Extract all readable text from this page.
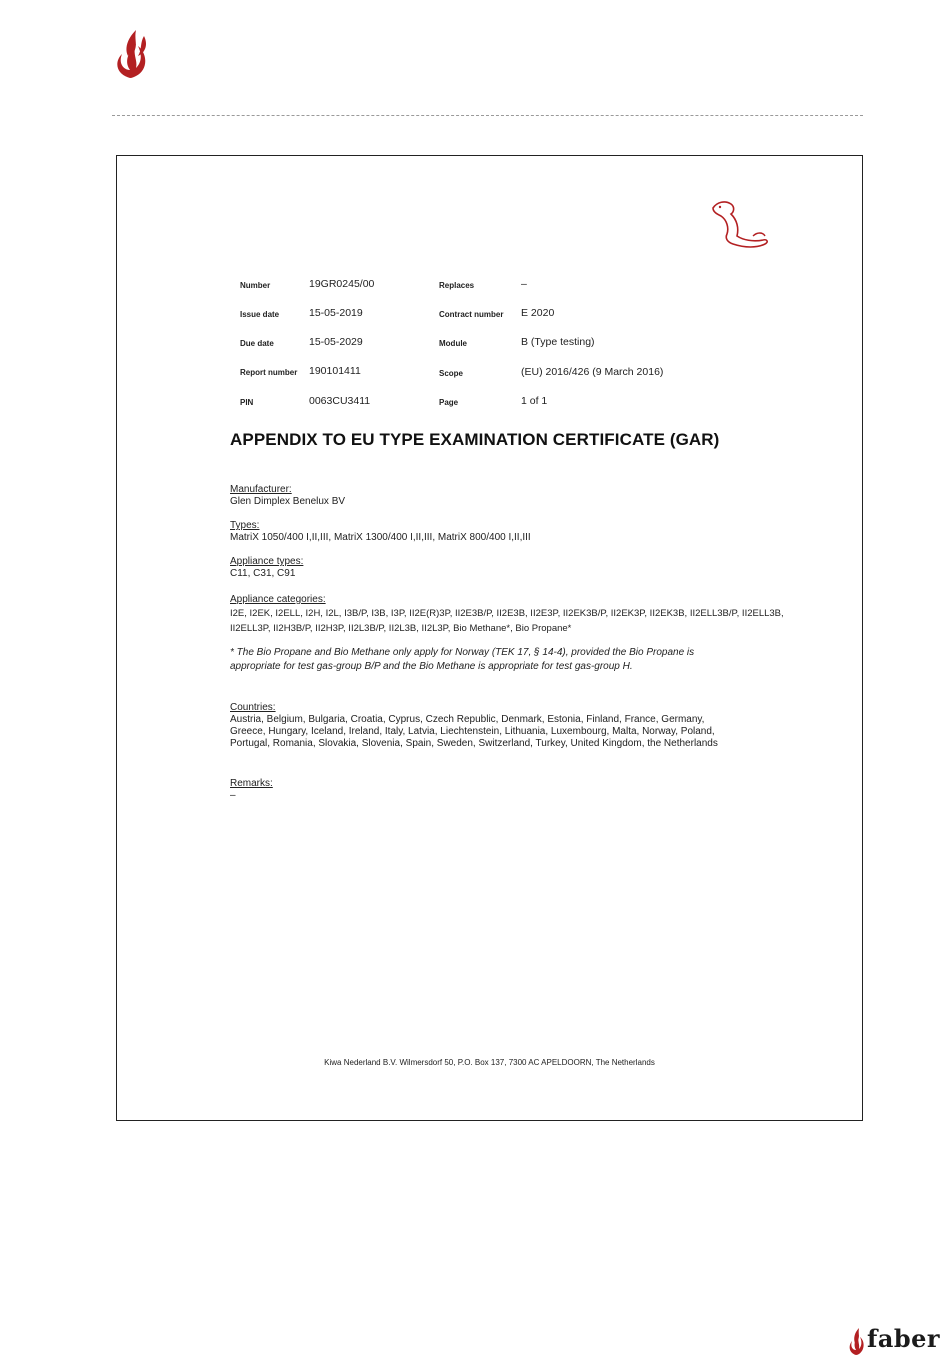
Number	19GR0245/00	Replaces	–
Issue date	15-05-2019	Contract number E 2020
Due date	15-05-2029	Module	B (Type testing)
Report number 190101411	Scope	(EU) 2016/426 (9 March 2016)
PIN	0063CU3411	Page	1 of 1
APPENDIX TO EU TYPE EXAMINATION CERTIFICATE (GAR)
Manufacturer:
Glen Dimplex Benelux BV
Types:
MatriX 1050/400 I,II,III, MatriX 1300/400 I,II,III, MatriX 800/400 I,II,III
Appliance types:
C11, C31, C91
Appliance categories:
I2E, I2EK, I2ELL, I2H, I2L, I3B/P, I3B, I3P, II2E(R)3P, II2E3B/P, II2E3B, II2E3P, II2EK3B/P, II2EK3P, II2EK3B, II2ELL3B/P, II2ELL3B,
II2ELL3P, II2H3B/P, II2H3P, II2L3B/P, II2L3B, II2L3P, Bio Methane*, Bio Propane*
* The Bio Propane and Bio Methane only apply for Norway (TEK 17, § 14-4), provided the Bio Propane is appropriate for test gas-group B/P and the Bio Methane is appropriate for test gas-group H.
Countries:
Austria, Belgium, Bulgaria, Croatia, Cyprus, Czech Republic, Denmark, Estonia, Finland, France, Germany, Greece, Hungary, Iceland, Ireland, Italy, Latvia, Liechtenstein, Lithuania, Luxembourg, Malta, Norway, Poland, Portugal, Romania, Slovakia, Slovenia, Spain, Sweden, Switzerland, Turkey, United Kingdom, the Netherlands
Remarks:
–
Kiwa Nederland B.V. Wilmersdorf 50, P.O. Box 137, 7300 AC APELDOORN, The Netherlands
faber
